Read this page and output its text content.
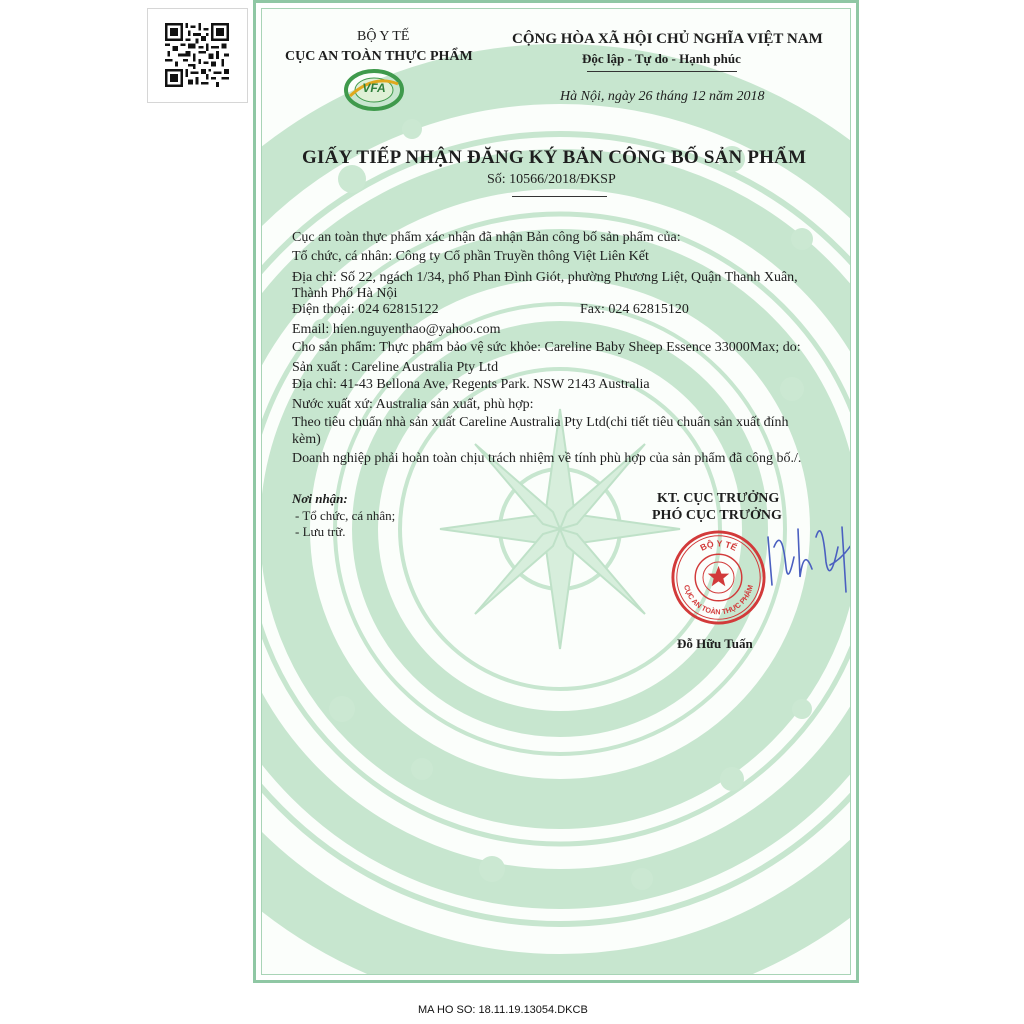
BỘ Y TẾ
CỤC AN TOÀN THỰC PHẨM
VFA
CỘNG HÒA XÃ HỘI CHỦ NGHĨA VIỆT NAM
Độc lập - Tự do - Hạnh phúc
Hà Nội, ngày 26 tháng 12 năm 2018
GIẤY TIẾP NHẬN ĐĂNG KÝ BẢN CÔNG BỐ SẢN PHẨM
Số: 10566/2018/ĐKSP
Cục an toàn thực phẩm xác nhận đã nhận Bản công bố sản phẩm của:
Tổ chức, cá nhân: Công ty Cổ phần Truyền thông Việt Liên Kết
Địa chỉ: Số 22, ngách 1/34, phố Phan Đình Giót, phường Phương Liệt, Quận Thanh Xuân,
Thành Phố Hà Nội
Điện thoại: 024 62815122	Fax: 024 62815120
Email: hien.nguyenthao@yahoo.com
Cho sản phẩm: Thực phẩm bảo vệ sức khỏe: Careline Baby Sheep Essence 33000Max; do:
Sản xuất : Careline Australia Pty Ltd
Địa chỉ: 41-43 Bellona Ave, Regents Park. NSW 2143 Australia
Nước xuất xứ: Australia sản xuất, phù hợp:
Theo tiêu chuẩn nhà sản xuất Careline Australia Pty Ltd(chi tiết tiêu chuẩn sản xuất đính
kèm)
Doanh nghiệp phải hoàn toàn chịu trách nhiệm về tính phù hợp của sản phẩm đã công bố./.
Nơi nhận:
- Tổ chức, cá nhân;
- Lưu trữ.
KT. CỤC TRƯỞNG
PHÓ CỤC TRƯỞNG
BỘ Y TẾ
CỤC AN TOÀN THỰC PHẨM
Đỗ Hữu Tuấn
MA HO SO: 18.11.19.13054.DKCB
